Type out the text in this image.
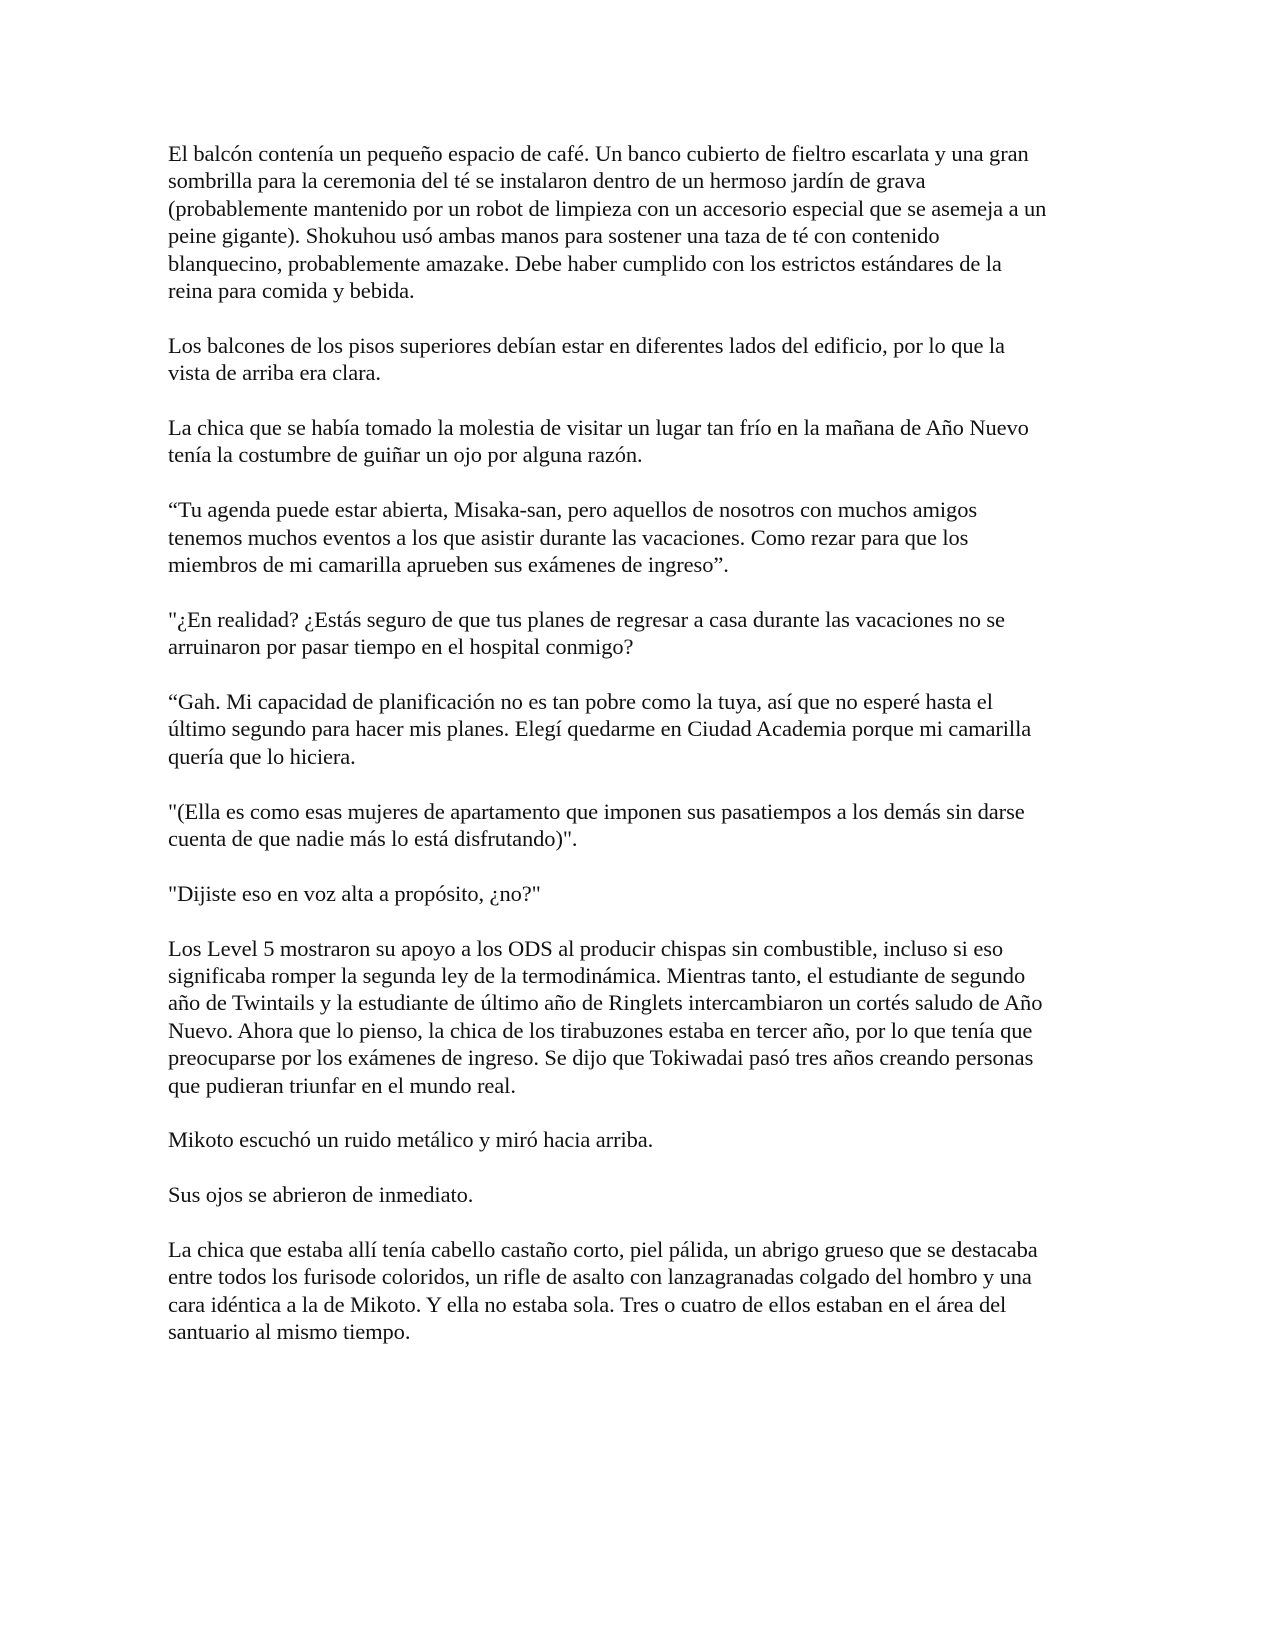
El balcón contenía un pequeño espacio de café. Un banco cubierto de fieltro escarlata y una gran sombrilla para la ceremonia del té se instalaron dentro de un hermoso jardín de grava (probablemente mantenido por un robot de limpieza con un accesorio especial que se asemeja a un peine gigante). Shokuhou usó ambas manos para sostener una taza de té con contenido blanquecino, probablemente amazake. Debe haber cumplido con los estrictos estándares de la reina para comida y bebida.

Los balcones de los pisos superiores debían estar en diferentes lados del edificio, por lo que la vista de arriba era clara.

La chica que se había tomado la molestia de visitar un lugar tan frío en la mañana de Año Nuevo tenía la costumbre de guiñar un ojo por alguna razón.

“Tu agenda puede estar abierta, Misaka-san, pero aquellos de nosotros con muchos amigos tenemos muchos eventos a los que asistir durante las vacaciones. Como rezar para que los miembros de mi camarilla aprueben sus exámenes de ingreso”.

"¿En realidad? ¿Estás seguro de que tus planes de regresar a casa durante las vacaciones no se arruinaron por pasar tiempo en el hospital conmigo?

“Gah. Mi capacidad de planificación no es tan pobre como la tuya, así que no esperé hasta el último segundo para hacer mis planes. Elegí quedarme en Ciudad Academia porque mi camarilla quería que lo hiciera.

"(Ella es como esas mujeres de apartamento que imponen sus pasatiempos a los demás sin darse cuenta de que nadie más lo está disfrutando)".

"Dijiste eso en voz alta a propósito, ¿no?"

Los Level 5 mostraron su apoyo a los ODS al producir chispas sin combustible, incluso si eso significaba romper la segunda ley de la termodinámica. Mientras tanto, el estudiante de segundo año de Twintails y la estudiante de último año de Ringlets intercambiaron un cortés saludo de Año Nuevo. Ahora que lo pienso, la chica de los tirabuzones estaba en tercer año, por lo que tenía que preocuparse por los exámenes de ingreso. Se dijo que Tokiwadai pasó tres años creando personas que pudieran triunfar en el mundo real.

Mikoto escuchó un ruido metálico y miró hacia arriba.

Sus ojos se abrieron de inmediato.

La chica que estaba allí tenía cabello castaño corto, piel pálida, un abrigo grueso que se destacaba entre todos los furisode coloridos, un rifle de asalto con lanzagranadas colgado del hombro y una cara idéntica a la de Mikoto. Y ella no estaba sola. Tres o cuatro de ellos estaban en el área del santuario al mismo tiempo.
